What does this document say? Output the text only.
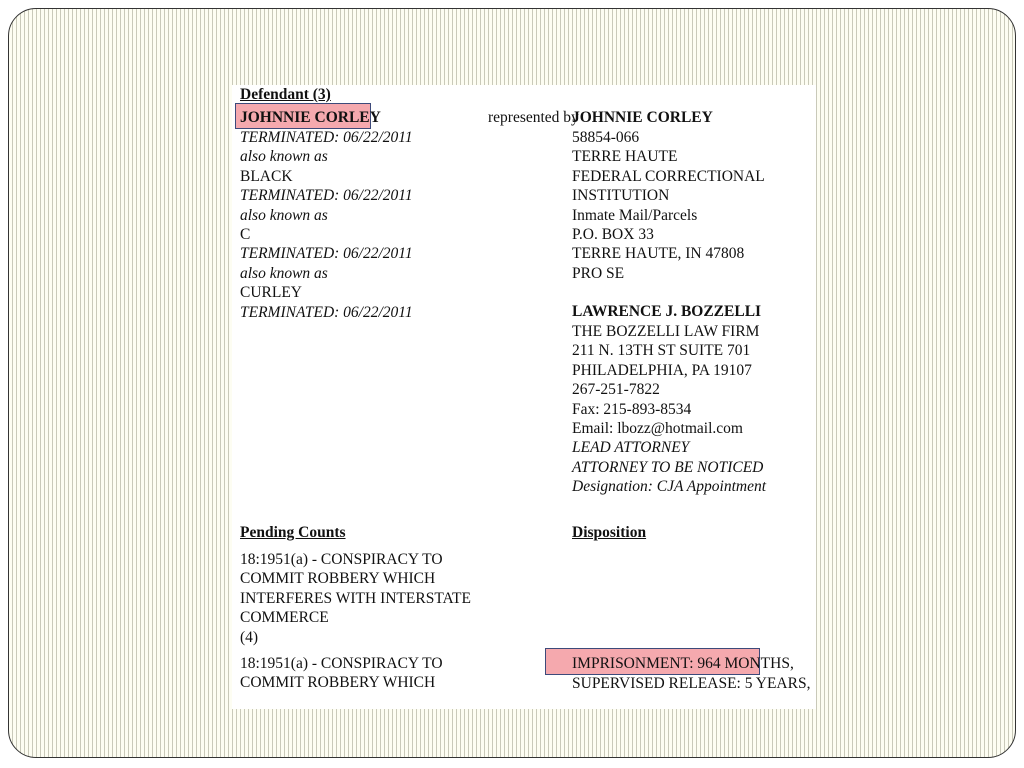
Defendant (3)
JOHNNIE CORLEY	represented by
JOHNNIE CORLEY
LAWRENCE J. BOZZELLI
Pending Counts	Disposition
IMPRISONMENT: 964 MONTHS,
SUPERVISED RELEASE: 5 YEARS,
TERMINATED: 06/22/2011
also known as
BLACK
TERMINATED: 06/22/2011
also known as
C
TERMINATED: 06/22/2011
also known as
CURLEY
TERMINATED: 06/22/2011
58854-066
TERRE HAUTE
FEDERAL CORRECTIONAL
INSTITUTION
Inmate Mail/Parcels
P.O. BOX 33
TERRE HAUTE, IN 47808
PRO SE
THE BOZZELLI LAW FIRM
211 N. 13TH ST SUITE 701
PHILADELPHIA, PA 19107
267-251-7822
Fax: 215-893-8534
Email: lbozz@hotmail.com
LEAD ATTORNEY
ATTORNEY TO BE NOTICED
Designation: CJA Appointment
18:1951(a) - CONSPIRACY TO
COMMIT ROBBERY WHICH
INTERFERES WITH INTERSTATE
COMMERCE
(4)
18:1951(a) - CONSPIRACY TO
COMMIT ROBBERY WHICH
